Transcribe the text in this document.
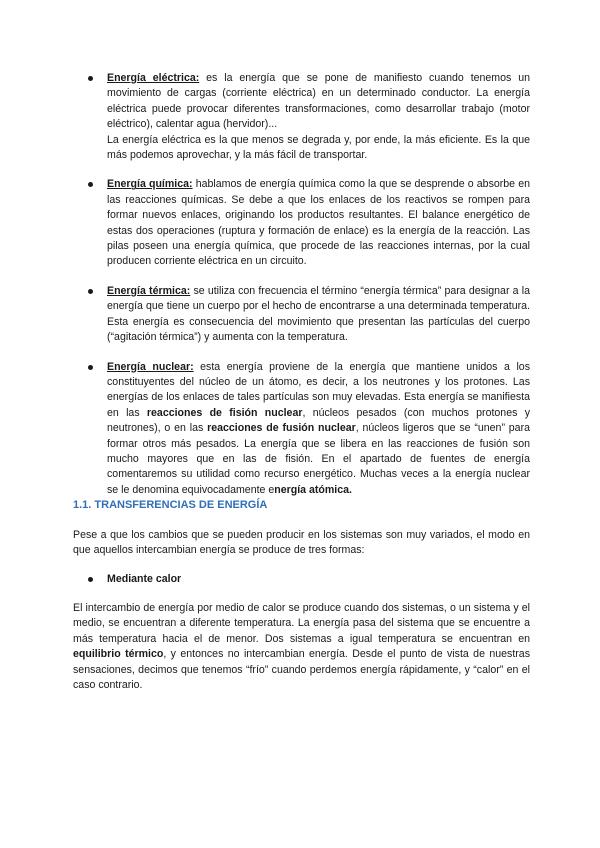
Energía eléctrica: es la energía que se pone de manifiesto cuando tenemos un movimiento de cargas (corriente eléctrica) en un determinado conductor. La energía eléctrica puede provocar diferentes transformaciones, como desarrollar trabajo (motor eléctrico), calentar agua (hervidor)...
La energía eléctrica es la que menos se degrada y, por ende, la más eficiente. Es la que más podemos aprovechar, y la más fácil de transportar.
Energía química: hablamos de energía química como la que se desprende o absorbe en las reacciones químicas. Se debe a que los enlaces de los reactivos se rompen para formar nuevos enlaces, originando los productos resultantes. El balance energético de estas dos operaciones (ruptura y formación de enlace) es la energía de la reacción. Las pilas poseen una energía química, que procede de las reacciones internas, por la cual producen corriente eléctrica en un circuito.
Energía térmica: se utiliza con frecuencia el término “energía térmica” para designar a la energía que tiene un cuerpo por el hecho de encontrarse a una determinada temperatura. Esta energía es consecuencia del movimiento que presentan las partículas del cuerpo (“agitación térmica”) y aumenta con la temperatura.
Energía nuclear: esta energía proviene de la energía que mantiene unidos a los constituyentes del núcleo de un átomo, es decir, a los neutrones y los protones. Las energías de los enlaces de tales partículas son muy elevadas. Esta energía se manifiesta en las reacciones de fisión nuclear, núcleos pesados (con muchos protones y neutrones), o en las reacciones de fusión nuclear, núcleos ligeros que se “unen” para formar otros más pesados. La energía que se libera en las reacciones de fusión son mucho mayores que en las de fisión. En el apartado de fuentes de energía comentaremos su utilidad como recurso energético. Muchas veces a la energía nuclear se le denomina equivocadamente energía atómica.
1.1. TRANSFERENCIAS DE ENERGÍA
Pese a que los cambios que se pueden producir en los sistemas son muy variados, el modo en que aquellos intercambian energía se produce de tres formas:
Mediante calor
El intercambio de energía por medio de calor se produce cuando dos sistemas, o un sistema y el medio, se encuentran a diferente temperatura. La energía pasa del sistema que se encuentre a más temperatura hacia el de menor. Dos sistemas a igual temperatura se encuentran en equilibrio térmico, y entonces no intercambian energía. Desde el punto de vista de nuestras sensaciones, decimos que tenemos “frío” cuando perdemos energía rápidamente, y “calor” en el caso contrario.
